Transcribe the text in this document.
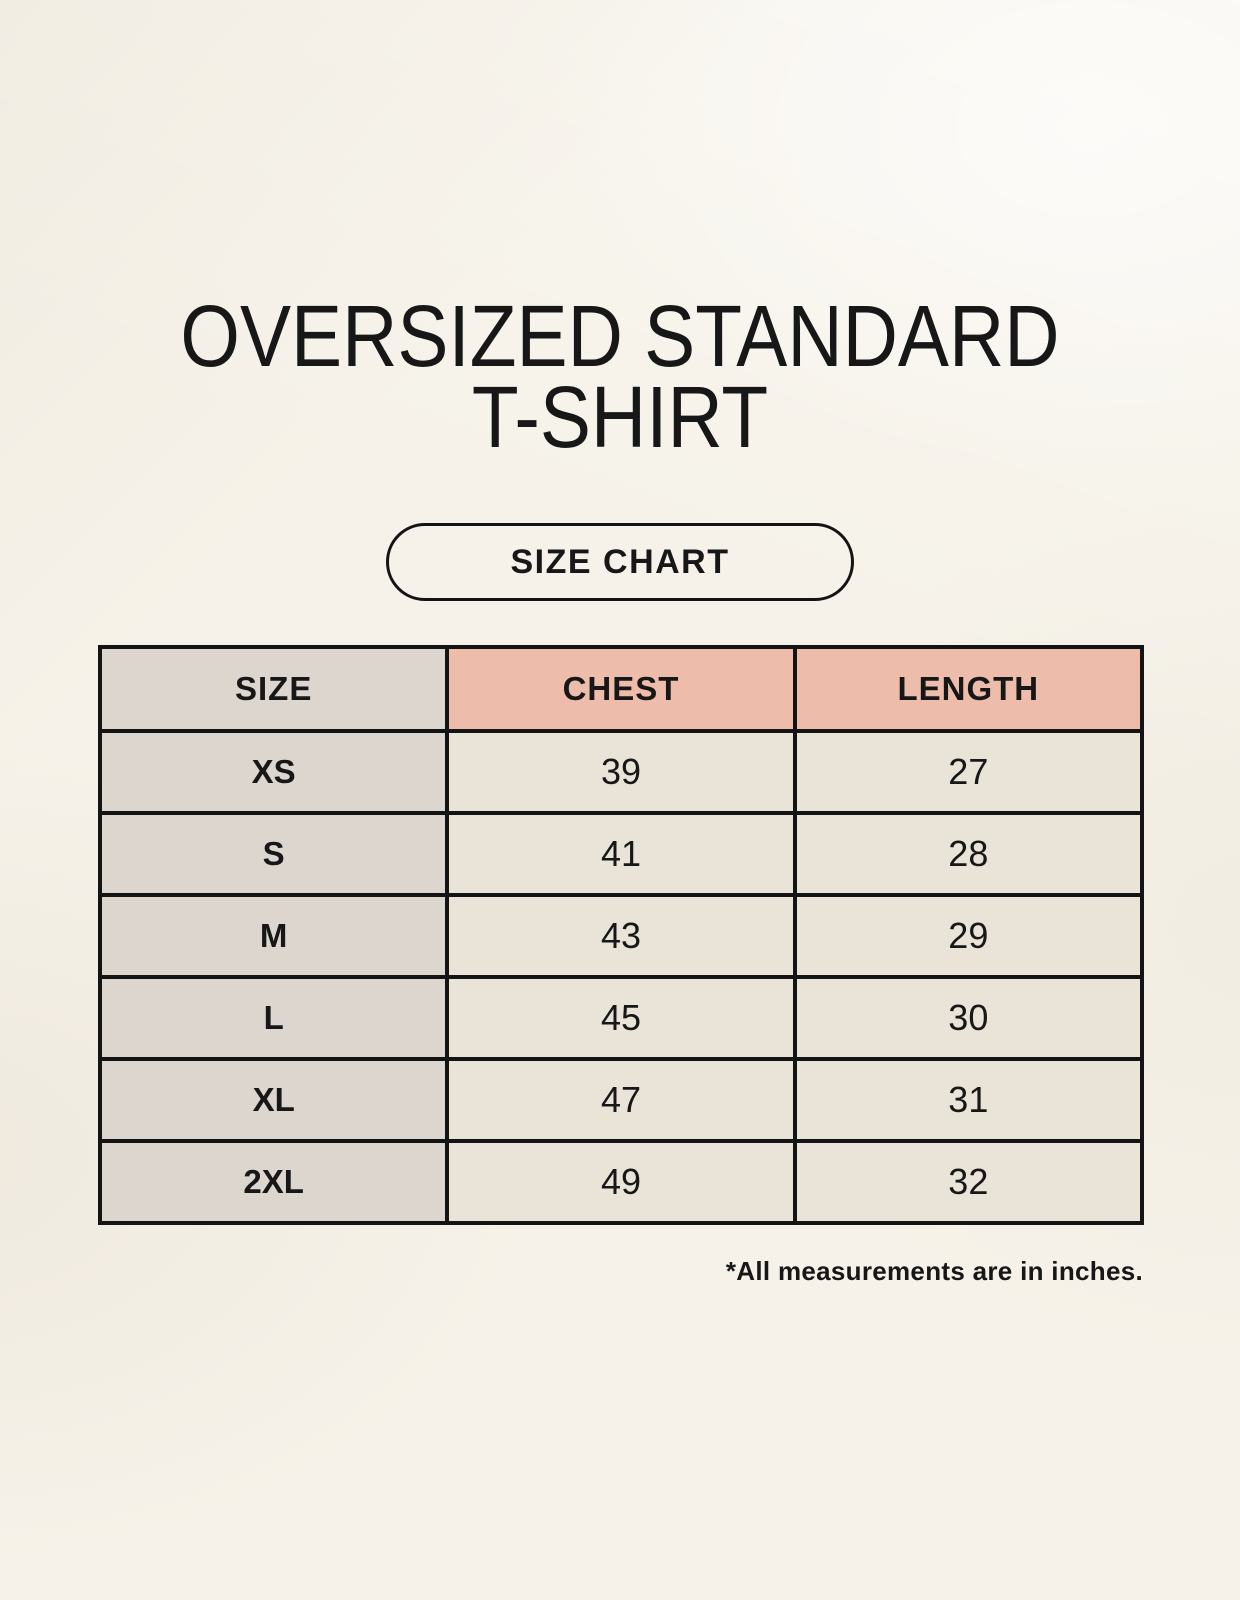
OVERSIZED STANDARD
T-SHIRT
SIZE CHART
SIZE	CHEST	LENGTH
XS	39	27
S	41	28
M	43	29
L	45	30
XL	47	31
2XL	49	32
*All measurements are in inches.
